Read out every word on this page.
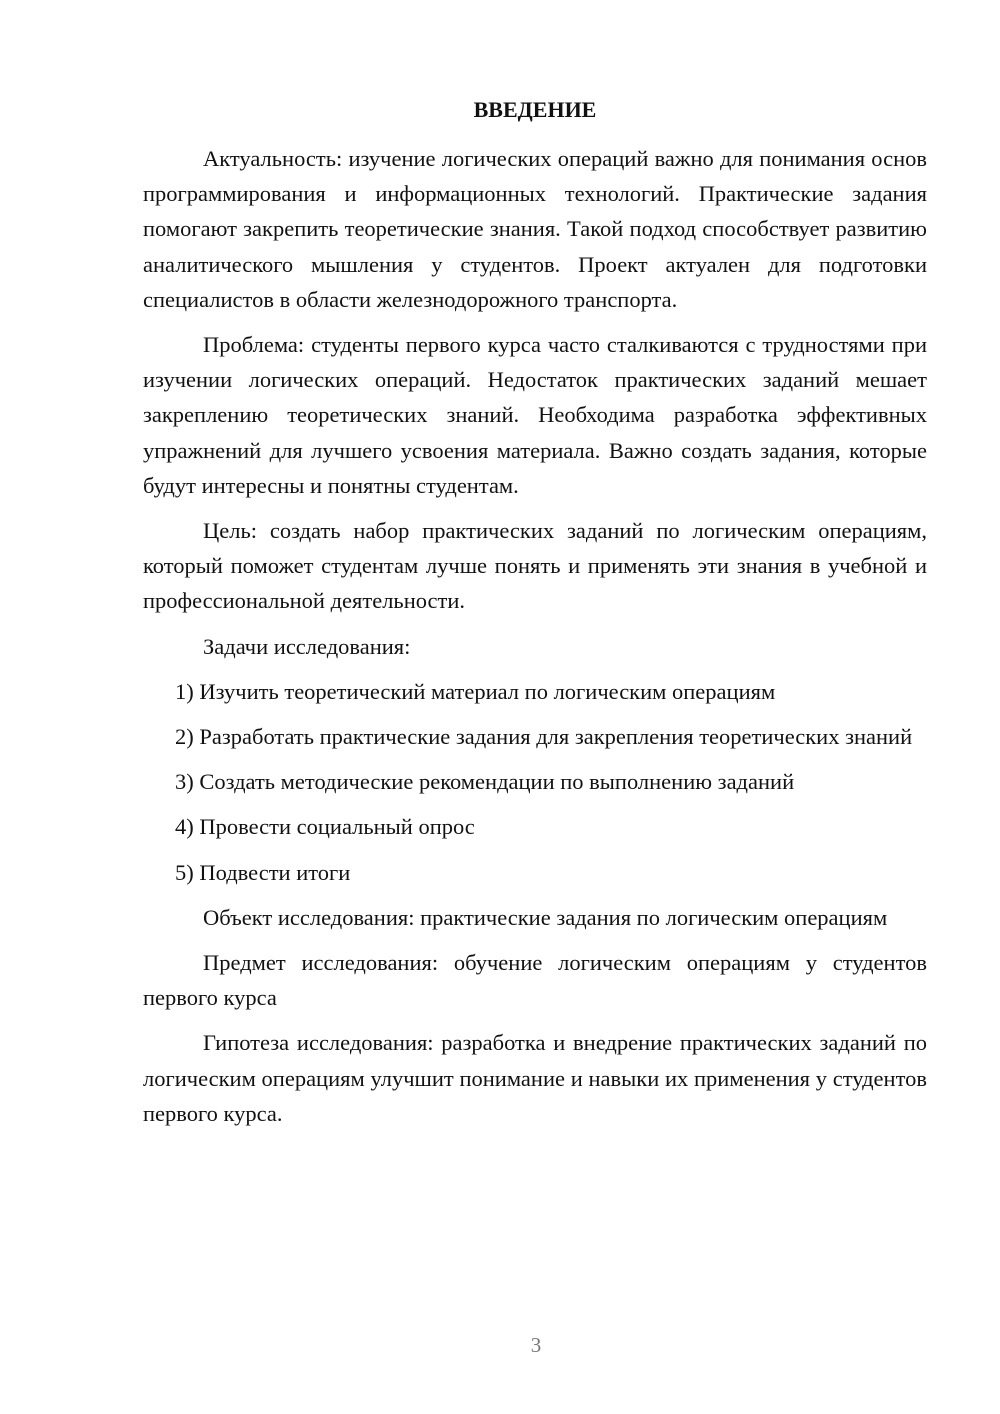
ВВЕДЕНИЕ

Актуальность: изучение логических операций важно для понимания основ программирования и информационных технологий. Практические задания помогают закрепить теоретические знания. Такой подход способствует развитию аналитического мышления у студентов. Проект актуален для подготовки специалистов в области железнодорожного транспорта.

Проблема: студенты первого курса часто сталкиваются с трудностями при изучении логических операций. Недостаток практических заданий мешает закреплению теоретических знаний. Необходима разработка эффективных упражнений для лучшего усвоения материала. Важно создать задания, которые будут интересны и понятны студентам.

Цель: создать набор практических заданий по логическим операциям, который поможет студентам лучше понять и применять эти знания в учебной и профессиональной деятельности.

Задачи исследования:

1) Изучить теоретический материал по логическим операциям

2) Разработать практические задания для закрепления теоретических знаний

3) Создать методические рекомендации по выполнению заданий

4) Провести социальный опрос

5) Подвести итоги

Объект исследования: практические задания по логическим операциям

Предмет исследования: обучение логическим операциям у студентов первого курса

Гипотеза исследования: разработка и внедрение практических заданий по логическим операциям улучшит понимание и навыки их применения у студентов первого курса.

3
